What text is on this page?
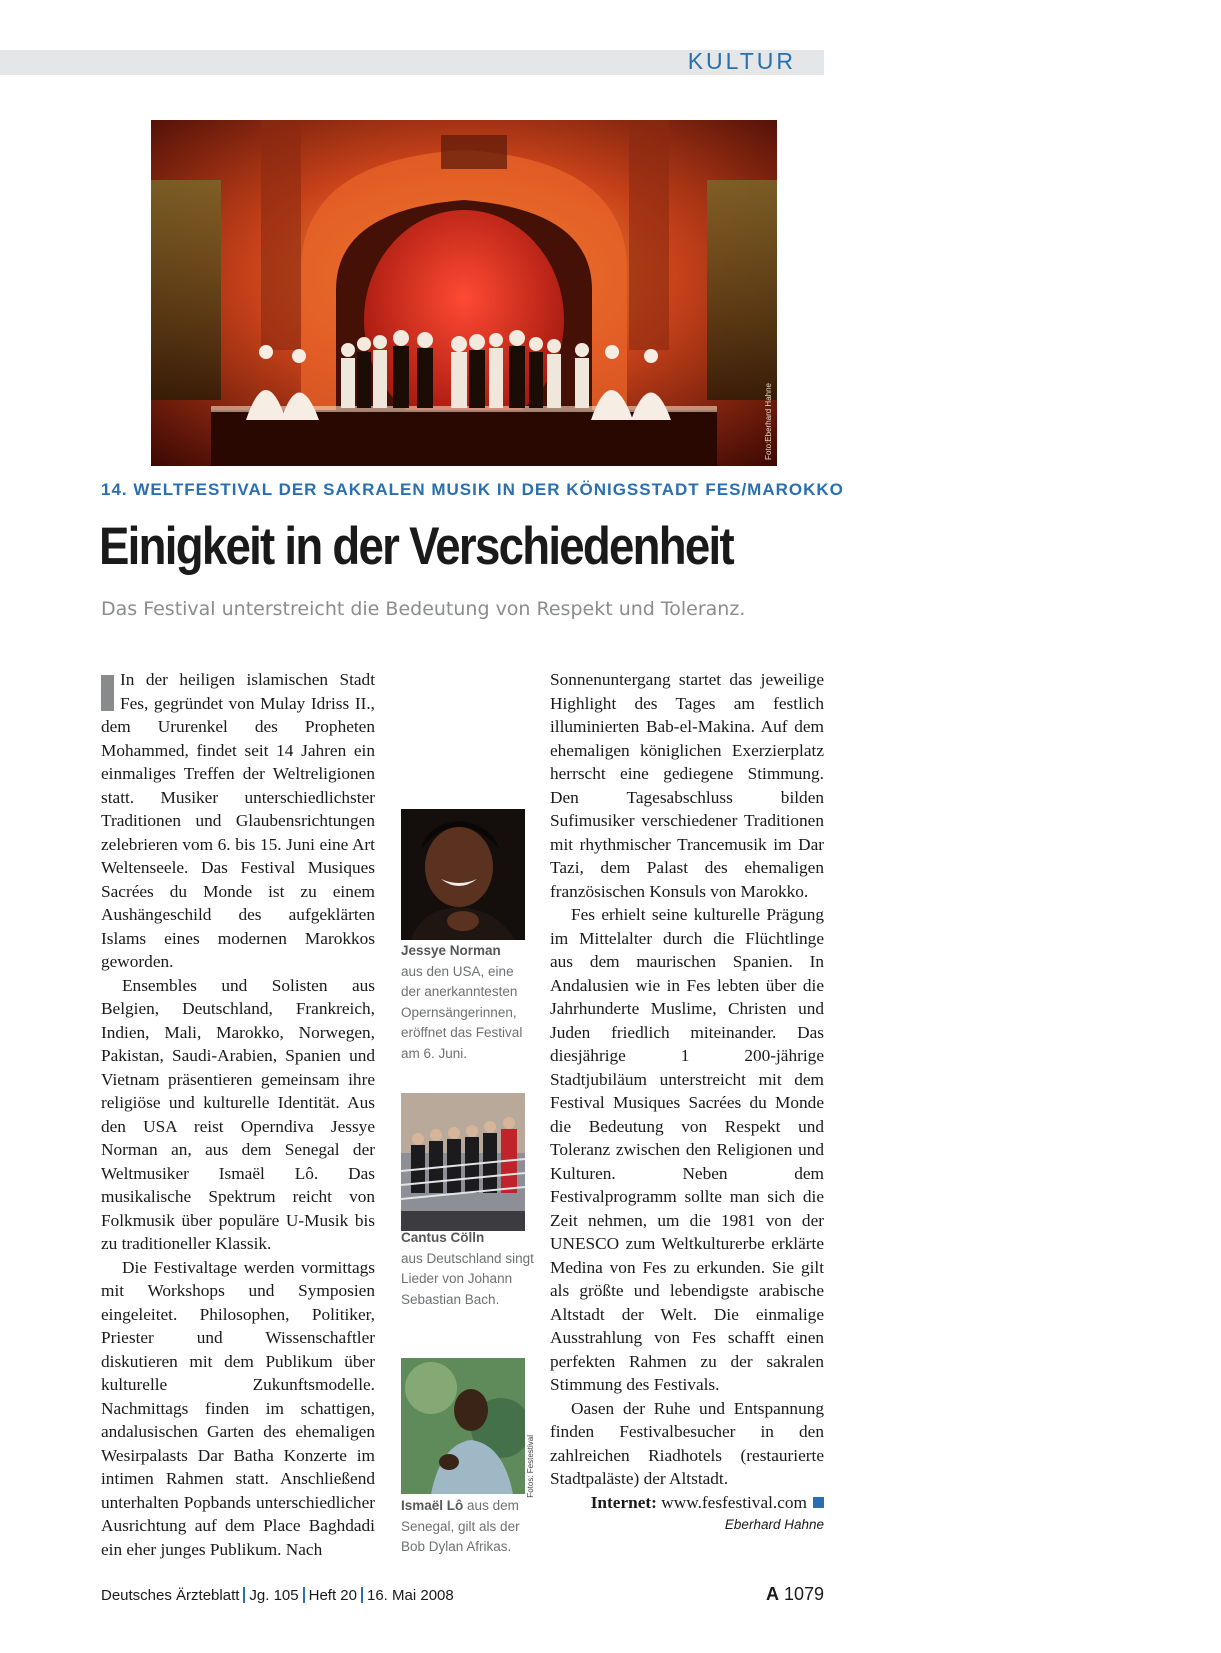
KULTUR
Foto:Eberhard Hahne
14. WELTFESTIVAL DER SAKRALEN MUSIK IN DER KÖNIGSSTADT FES/MAROKKO
Einigkeit in der Verschiedenheit
Das Festival unterstreicht die Bedeutung von Respekt und Toleranz.

In der heiligen islamischen Stadt Fes, gegründet von Mulay Idriss II., dem Ururenkel des Propheten Mohammed, findet seit 14 Jahren ein einmaliges Treffen der Weltreligionen statt. Musiker unterschiedlichster Traditionen und Glaubensrichtungen zelebrieren vom 6. bis 15. Juni eine Art Weltenseele. Das Festival Musiques Sacrées du Monde ist zu einem Aushängeschild des aufgeklärten Islams eines modernen Marokkos geworden.

Ensembles und Solisten aus Belgien, Deutschland, Frankreich, Indien, Mali, Marokko, Norwegen, Pakistan, Saudi-Arabien, Spanien und Vietnam präsentieren gemeinsam ihre religiöse und kulturelle Identität. Aus den USA reist Operndiva Jessye Norman an, aus dem Senegal der Weltmusiker Ismaël Lô. Das musikalische Spektrum reicht von Folkmusik über populäre U-Musik bis zu traditioneller Klassik.

Die Festivaltage werden vormittags mit Workshops und Symposien eingeleitet. Philosophen, Politiker, Priester und Wissenschaftler diskutieren mit dem Publikum über kulturelle Zukunftsmodelle. Nachmittags finden im schattigen, andalusischen Garten des ehemaligen Wesirpalasts Dar Batha Konzerte im intimen Rahmen statt. Anschließend unterhalten Popbands unterschiedlicher Ausrichtung auf dem Place Baghdadi ein eher junges Publikum. Nach

Jessye Norman
aus den USA, eine der anerkanntesten Opernsängerinnen, eröffnet das Festival am 6. Juni.
Cantus Cölln
aus Deutschland singt Lieder von Johann Sebastian Bach.
Fotos: Festestival
Ismaël Lô aus dem Senegal, gilt als der Bob Dylan Afrikas.

Sonnenuntergang startet das jeweilige Highlight des Tages am festlich illuminierten Bab-el-Makina. Auf dem ehemaligen königlichen Exerzierplatz herrscht eine gediegene Stimmung. Den Tagesabschluss bilden Sufimusiker verschiedener Traditionen mit rhythmischer Trancemusik im Dar Tazi, dem Palast des ehemaligen französischen Konsuls von Marokko.

Fes erhielt seine kulturelle Prägung im Mittelalter durch die Flüchtlinge aus dem maurischen Spanien. In Andalusien wie in Fes lebten über die Jahrhunderte Muslime, Christen und Juden friedlich miteinander. Das diesjährige 1 200-jährige Stadtjubiläum unterstreicht mit dem Festival Musiques Sacrées du Monde die Bedeutung von Respekt und Toleranz zwischen den Religionen und Kulturen. Neben dem Festivalprogramm sollte man sich die Zeit nehmen, um die 1981 von der UNESCO zum Weltkulturerbe erklärte Medina von Fes zu erkunden. Sie gilt als größte und lebendigste arabische Altstadt der Welt. Die einmalige Ausstrahlung von Fes schafft einen perfekten Rahmen zu der sakralen Stimmung des Festivals.

Oasen der Ruhe und Entspannung finden Festivalbesucher in den zahlreichen Riadhotels (restaurierte Stadtpaläste) der Altstadt.

Internet: www.fesfestival.com

Eberhard Hahne

Deutsches Ärzteblatt Jg. 105 Heft 20 16. Mai 2008	A 1079
